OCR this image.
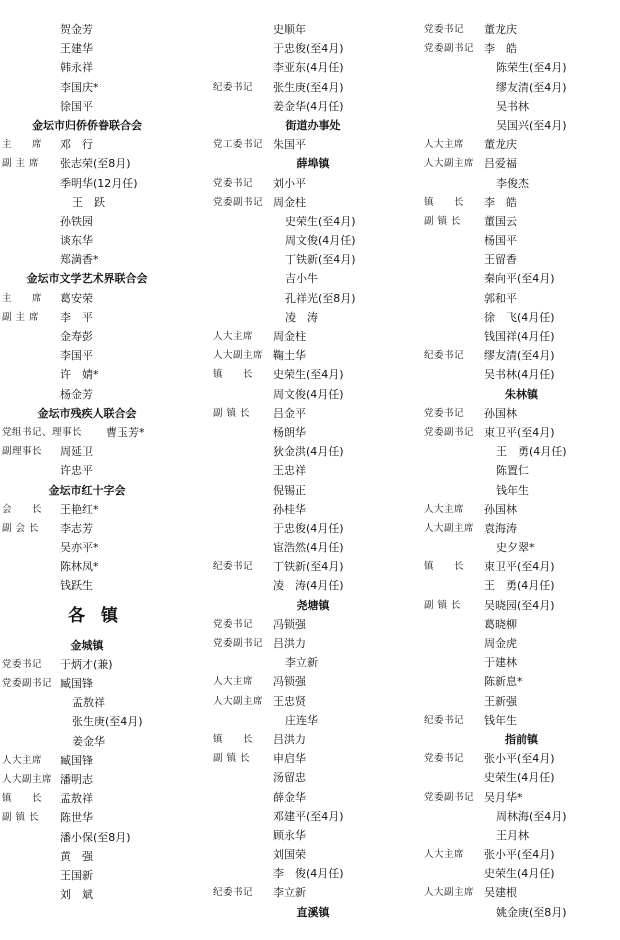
贺金芳
王建华
韩永祥
李国庆*
徐国平
金坛市归侨侨眷联合会
主　　席 邓　行
副 主 席 张志荣(至8月)
季明华(12月任)
王　跃
孙铁园
谈东华
郑満香*
金坛市文学艺术界联合会
主　　席 葛安荣
副 主 席 李　平
金寿彭
李国平
许　婧*
杨金芳
金坛市残疾人联合会
党组书记、理事长 曹玉芳*
副理事长 周延卫
许忠平
金坛市红十字会
会　　长 王艳红*
副 会 长 李志芳
吴亦平*
陈林凤*
钱跃生
各镇
金城镇
党委书记 于炳才(兼)
党委副书记 臧国锋
孟敖祥
张生庚(至4月)
姜金华
人大主席 臧国锋
人大副主席 潘明志
镇　　长 孟敖祥
副 镇 长 陈世华
潘小保(至8月)
黄　强
王国新
刘　斌
史顺年
于忠俊(至4月)
李亚东(4月任)
纪委书记 张生庚(至4月)
姜金华(4月任)
街道办事处
党工委书记 朱国平
薛埠镇
党委书记 刘小平
党委副书记 周金柱
史荣生(至4月)
周文俊(4月任)
丁铁新(至4月)
吉小牛
孔祥光(至8月)
凌　涛
人大主席 周金柱
人大副主席 鞠土华
镇　　长 史荣生(至4月)
周文俊(4月任)
副 镇 长 吕金平
杨朗华
狄金洪(4月任)
王忠祥
倪锡正
孙桂华
于忠俊(4月任)
宦浩然(4月任)
纪委书记 丁铁新(至4月)
凌　涛(4月任)
尧塘镇
党委书记 冯锁强
党委副书记 吕洪力
李立新
人大主席 冯锁强
人大副主席 王忠贤
庄连华
镇　　长 吕洪力
副 镇 长 申启华
汤留忠
薛金华
邓建平(至4月)
顾永华
刘国荣
李　俊(4月任)
纪委书记 李立新
直溪镇
党委书记 董龙庆
党委副书记 李　皓
陈荣生(至4月)
缪友清(至4月)
吴书林
吴国兴(至4月)
人大主席 董龙庆
人大副主席 吕爱福
李俊杰
镇　　长 李　皓
副 镇 长 董国云
杨国平
王留香
秦向平(至4月)
郭和平
徐　飞(4月任)
钱国祥(4月任)
纪委书记 缪友清(至4月)
吴书林(4月任)
朱林镇
党委书记 孙国林
党委副书记 束卫平(至4月)
王　勇(4月任)
陈置仁
钱年生
人大主席 孙国林
人大副主席 袁海涛
史夕翠*
镇　　长 束卫平(至4月)
王　勇(4月任)
副 镇 长 吴晓园(至4月)
葛晓柳
周金虎
于建林
陈新息*
王新强
纪委书记 钱年生
指前镇
党委书记 张小平(至4月)
史荣生(4月任)
党委副书记 吴月华*
周林海(至4月)
王月林
人大主席 张小平(至4月)
史荣生(4月任)
人大副主席 吴建根
姚金庚(至8月)
